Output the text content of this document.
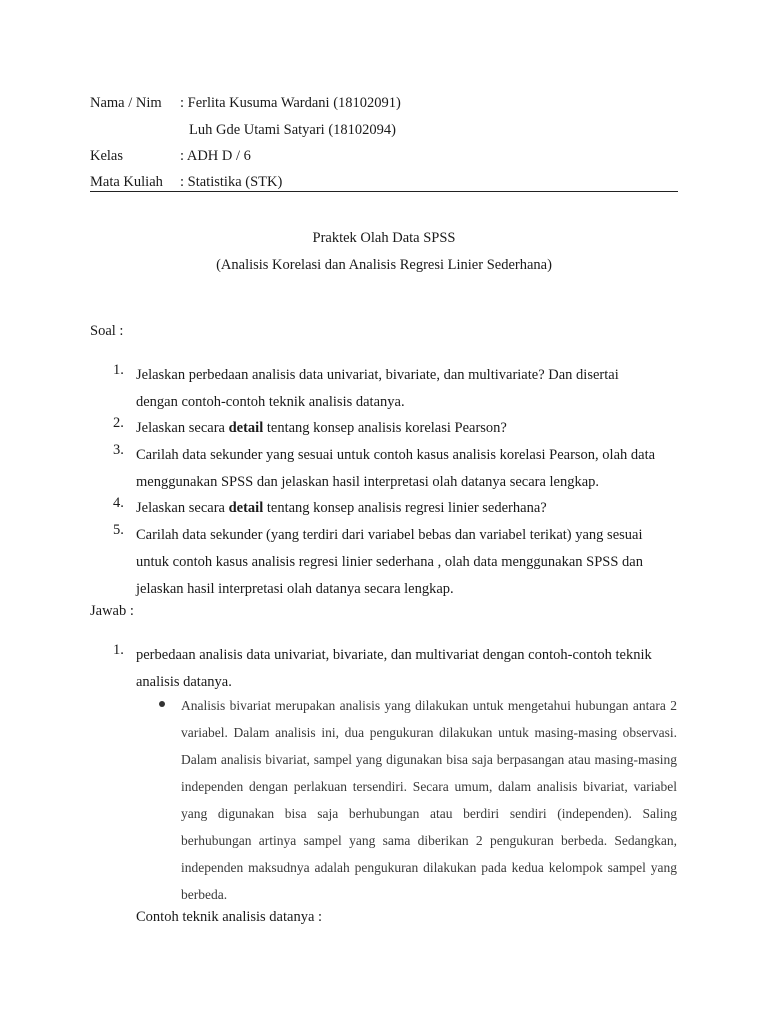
Nama / Nim : Ferlita Kusuma Wardani (18102091)
Luh Gde Utami Satyari (18102094)
Kelas	: ADH D / 6
Mata Kuliah : Statistika (STK)
Praktek Olah Data SPSS
(Analisis Korelasi dan Analisis Regresi Linier Sederhana)
Soal :
1. Jelaskan perbedaan analisis data univariat, bivariate, dan multivariate? Dan disertai
dengan contoh-contoh teknik analisis datanya.
2. Jelaskan secara detail tentang konsep analisis korelasi Pearson?
3. Carilah data sekunder yang sesuai untuk contoh kasus analisis korelasi Pearson, olah data
menggunakan SPSS dan jelaskan hasil interpretasi olah datanya secara lengkap.
4. Jelaskan secara detail tentang konsep analisis regresi linier sederhana?
5. Carilah data sekunder (yang terdiri dari variabel bebas dan variabel terikat) yang sesuai
untuk contoh kasus analisis regresi linier sederhana , olah data menggunakan SPSS dan
jelaskan hasil interpretasi olah datanya secara lengkap.
Jawab :
1. perbedaan analisis data univariat, bivariate, dan multivariat dengan contoh-contoh teknik
analisis datanya.
Analisis bivariat merupakan analisis yang dilakukan untuk mengetahui hubungan antara 2 variabel. Dalam analisis ini, dua pengukuran dilakukan untuk masing-masing observasi. Dalam analisis bivariat, sampel yang digunakan bisa saja berpasangan atau masing-masing independen dengan perlakuan tersendiri. Secara umum, dalam analisis bivariat, variabel yang digunakan bisa saja berhubungan atau berdiri sendiri (independen). Saling berhubungan artinya sampel yang sama diberikan 2 pengukuran berbeda. Sedangkan, independen maksudnya adalah pengukuran dilakukan pada kedua kelompok sampel yang berbeda.
Contoh teknik analisis datanya :
